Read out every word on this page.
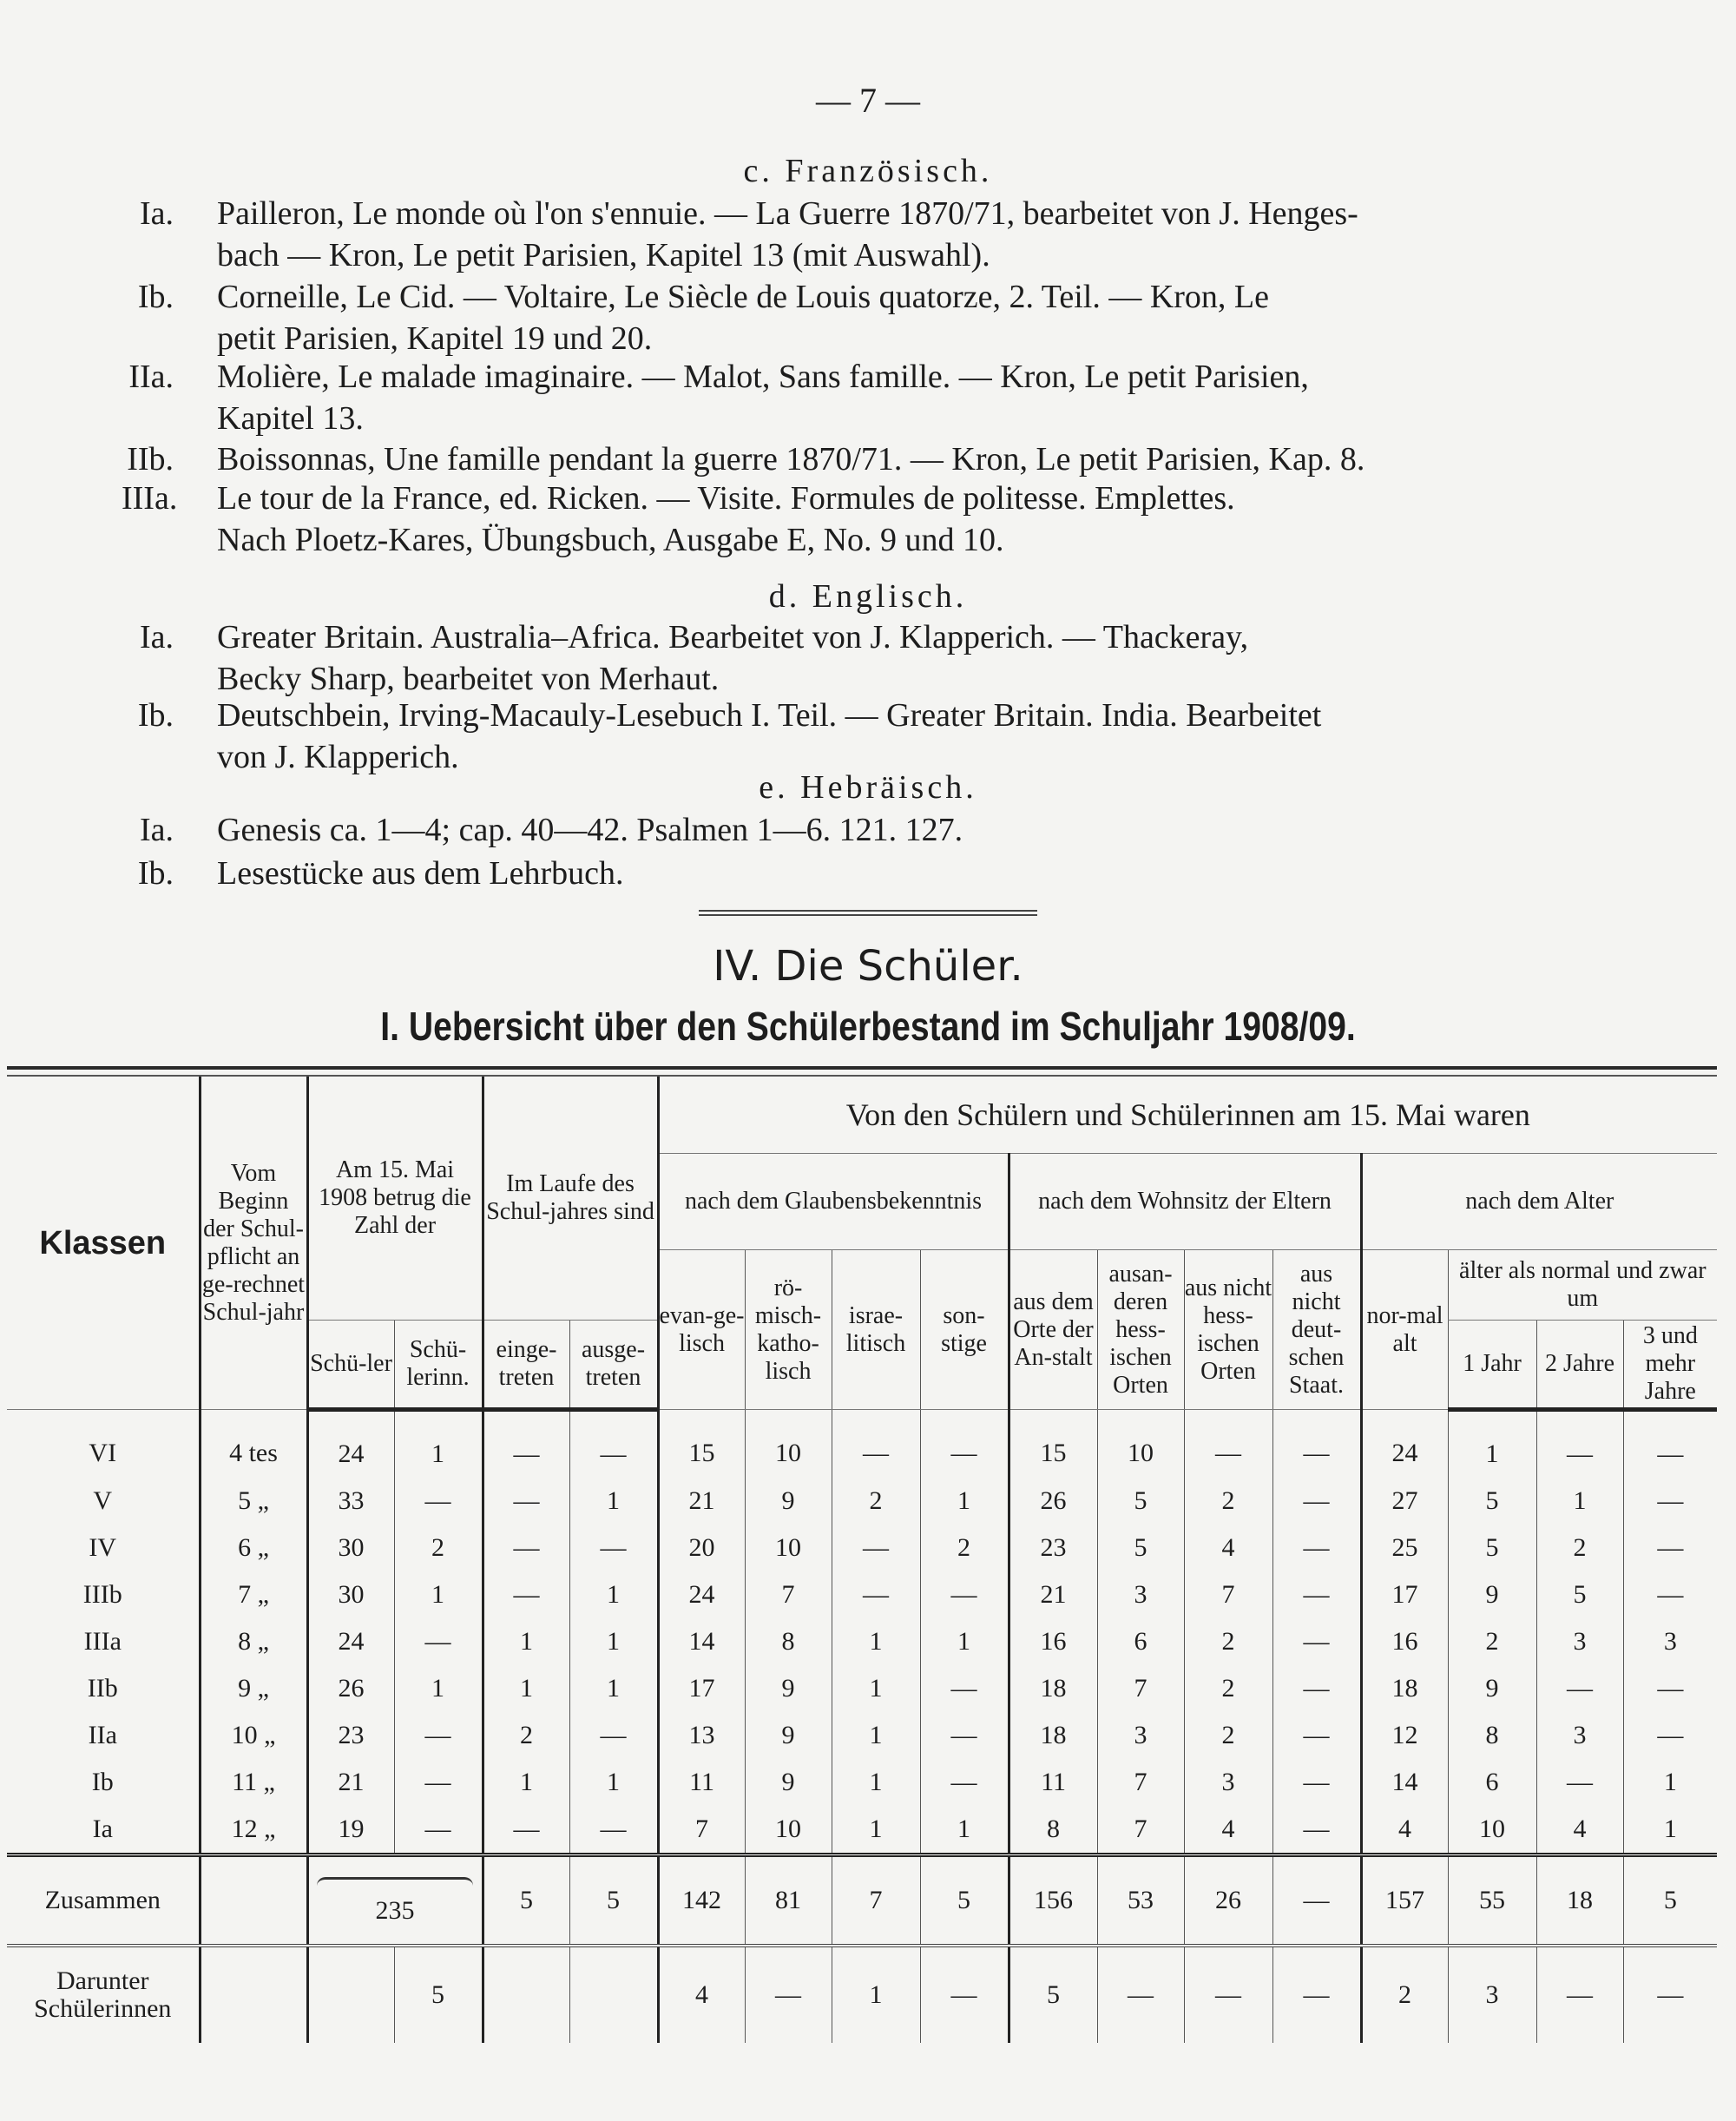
— 7 —
c. Französisch.
Ia. Pailleron, Le monde où l'on s'ennuie. — La Guerre 1870/71, bearbeitet von J. Henges-
bach — Kron, Le petit Parisien, Kapitel 13 (mit Auswahl).
Ib. Corneille, Le Cid. — Voltaire, Le Siècle de Louis quatorze, 2. Teil. — Kron, Le
petit Parisien, Kapitel 19 und 20.
IIa. Molière, Le malade imaginaire. — Malot, Sans famille. — Kron, Le petit Parisien,
Kapitel 13.
IIb. Boissonnas, Une famille pendant la guerre 1870/71. — Kron, Le petit Parisien, Kap. 8.
IIIa. Le tour de la France, ed. Ricken. — Visite. Formules de politesse. Emplettes.
Nach Ploetz-Kares, Übungsbuch, Ausgabe E, No. 9 und 10.
d. Englisch.
Ia. Greater Britain. Australia–Africa. Bearbeitet von J. Klapperich. — Thackeray,
Becky Sharp, bearbeitet von Merhaut.
Ib. Deutschbein, Irving-Macauly-Lesebuch I. Teil. — Greater Britain. India. Bearbeitet
von J. Klapperich.
e. Hebräisch.
Ia. Genesis ca. 1—4; cap. 40—42. Psalmen 1—6. 121. 127.
Ib. Lesestücke aus dem Lehrbuch.
IV. Die Schüler.
I. Uebersicht über den Schülerbestand im Schuljahr 1908/09.
Klassen	Vom Beginn der Schul-pflicht an ge-rechnet Schul-jahr	Am 15. Mai 1908 betrug die Zahl der		Im Laufe des Schul-jahres sind		Von den Schülern und Schülerinnen am 15. Mai waren											
						nach dem Glaubensbekenntnis				nach dem Wohnsitz der Eltern				nach dem Alter			
						evan-ge-lisch	rö-misch-katho-lisch	israe-litisch	son-stige	aus dem Orte der An-stalt	ausan-deren hess-ischen Orten	aus nicht hess-ischen Orten	aus nicht deut-schen Staat.	nor-mal alt	älter als normal und zwar um		
		Schü-ler	Schü-lerinn.	einge-treten	ausge-treten										1 Jahr	2 Jahre	3 und mehr Jahre
VI	4 tes	24	1	—	—	15	10	—	—	15	10	—	—	24	1	—	—
V	5 „	33	—	—	1	21	9	2	1	26	5	2	—	27	5	1	—
IV	6 „	30	2	—	—	20	10	—	2	23	5	4	—	25	5	2	—
IIIb	7 „	30	1	—	1	24	7	—	—	21	3	7	—	17	9	5	—
IIIa	8 „	24	—	1	1	14	8	1	1	16	6	2	—	16	2	3	3
IIb	9 „	26	1	1	1	17	9	1	—	18	7	2	—	18	9	—	—
IIa	10 „	23	—	2	—	13	9	1	—	18	3	2	—	12	8	3	—
Ib	11 „	21	—	1	1	11	9	1	—	11	7	3	—	14	6	—	1
Ia	12 „	19	—	—	—	7	10	1	1	8	7	4	—	4	10	4	1
Zusammen		235		5	5	142	81	7	5	156	53	26	—	157	55	18	5
Darunter Schülerinnen			5			4	—	1	—	5	—	—	—	2	3	—	—
